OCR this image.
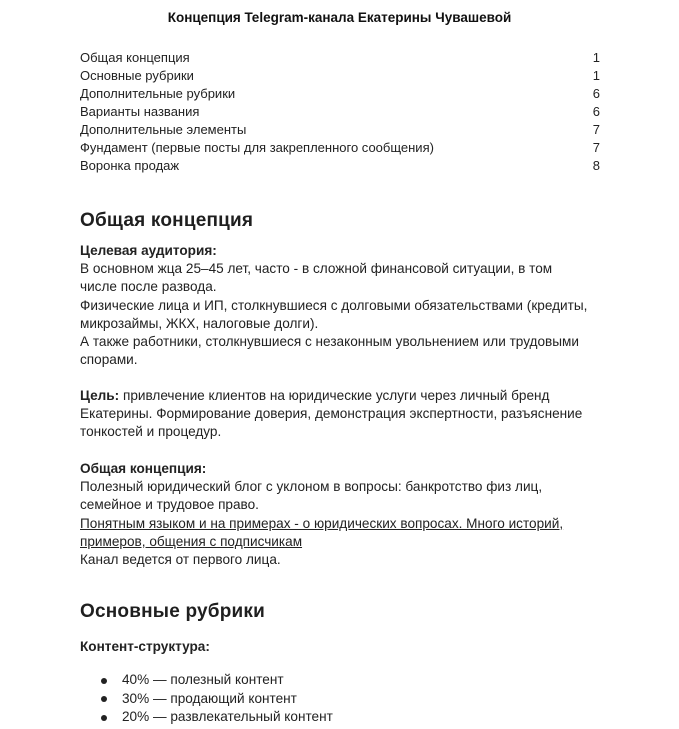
Концепция Telegram-канала Екатерины Чувашевой
Общая концепция	1
Основные рубрики	1
Дополнительные рубрики	6
Варианты названия	6
Дополнительные элементы	7
Фундамент (первые посты для закрепленного сообщения)	7
Воронка продаж	8
Общая концепция

Целевая аудитория:

В основном жца 25–45 лет, часто - в сложной финансовой ситуации, в том

числе после развода.

Физические лица и ИП, столкнувшиеся с долговыми обязательствами (кредиты,

микрозаймы, ЖКХ, налоговые долги).

А также работники, столкнувшиеся с незаконным увольнением или трудовыми

спорами.

Цель: привлечение клиентов на юридические услуги через личный бренд

Екатерины. Формирование доверия, демонстрация экспертности, разъяснение

тонкостей и процедур.

Общая концепция:

Полезный юридический блог с уклоном в вопросы: банкротство физ лиц,

семейное и трудовое право.

Понятным языком и на примерах - о юридических вопросах. Много историй,

примеров, общения с подписчикам

Канал ведется от первого лица.

Основные рубрики
Контент-структура:
40% — полезный контент
30% — продающий контент
20% — развлекательный контент
